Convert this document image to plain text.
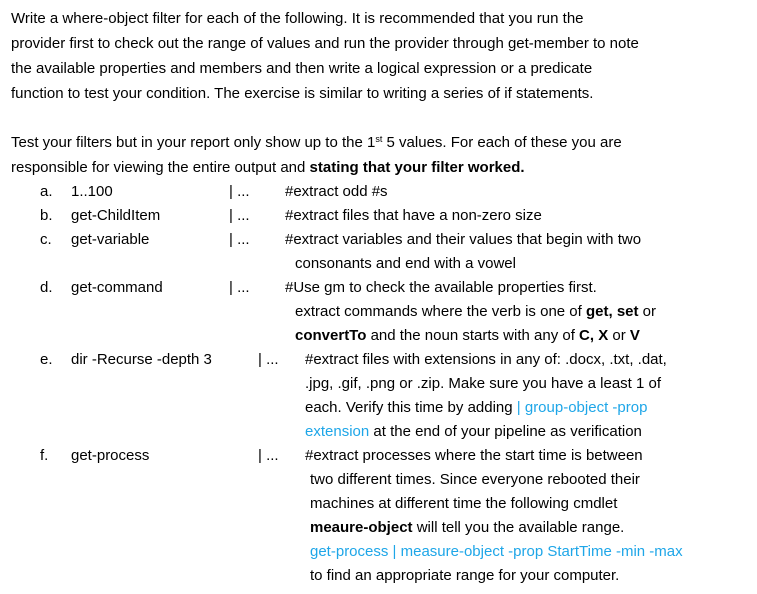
Write a where-object filter for each of the following. It is recommended that you run the
provider first to check out the range of values and run the provider through get-member to note
the available properties and members and then write a logical expression or a predicate
function to test your condition. The exercise is similar to writing a series of if statements.
Test your filters but in your report only show up to the 1st 5 values. For each of these you are
responsible for viewing the entire output and stating that your filter worked.
a. 1..100	| ... #extract odd #s
b. get-ChildItem	| ... #extract files that have a non-zero size
c. get-variable	| ... #extract variables and their values that begin with two
consonants and end with a vowel
d. get-command	| ... #Use gm to check the available properties first.
extract commands where the verb is one of get, set or
convertTo and the noun starts with any of C, X or V
e. dir -Recurse -depth 3	| ... #extract files with extensions in any of: .docx, .txt, .dat,
.jpg, .gif, .png or .zip. Make sure you have a least 1 of
each. Verify this time by adding | group-object -prop
extension at the end of your pipeline as verification
f. get-process	| ... #extract processes where the start time is between
two different times. Since everyone rebooted their
machines at different time the following cmdlet
meaure-object will tell you the available range.
get-process | measure-object -prop StartTime -min -max
to find an appropriate range for your computer.
